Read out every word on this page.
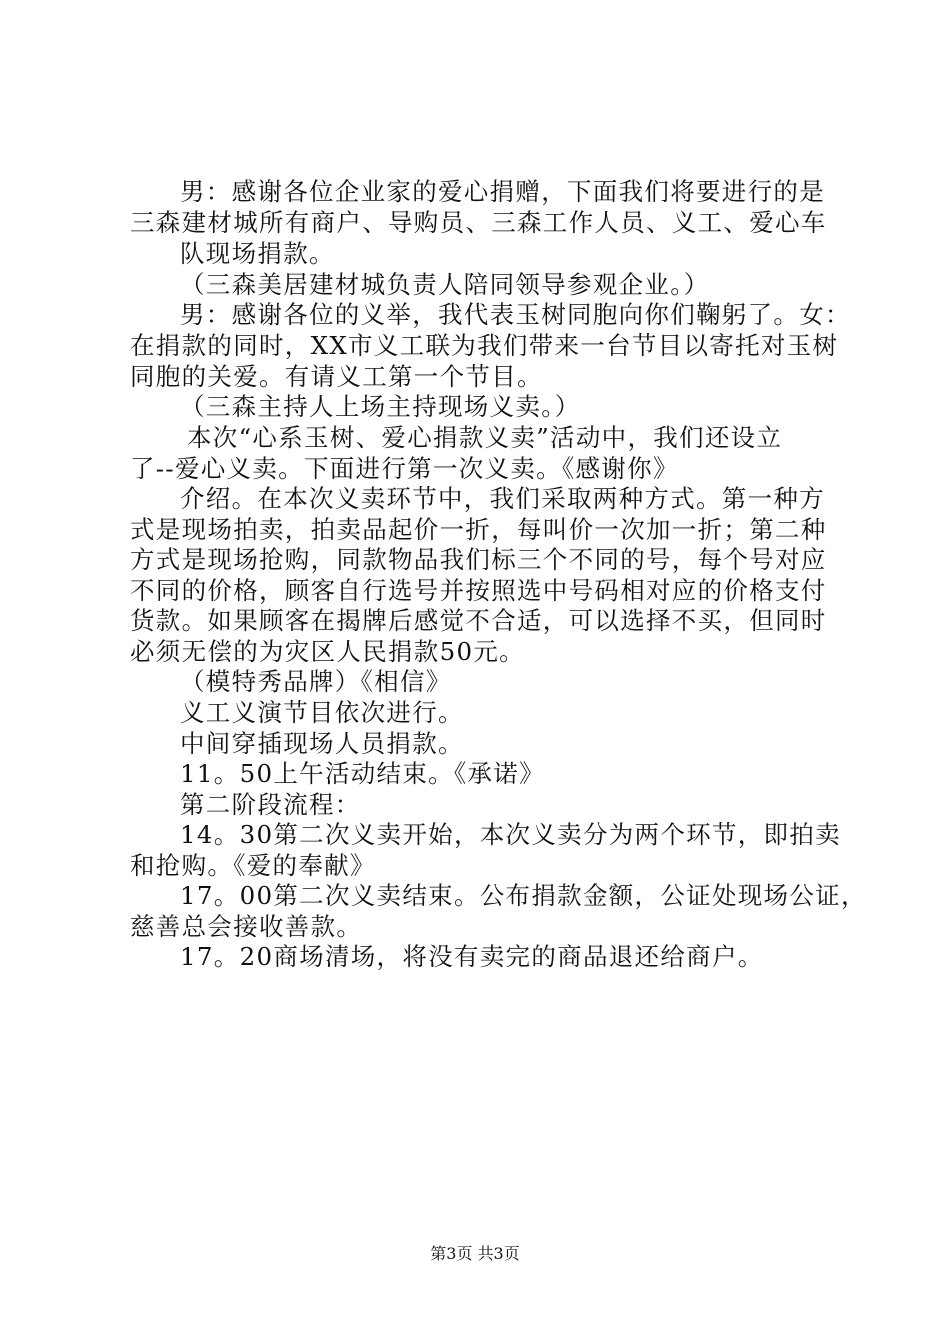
男：感谢各位企业家的爱心捐赠，下面我们将要进行的是

三森建材城所有商户、导购员、三森工作人员、义工、爱心车

队现场捐款。

（三森美居建材城负责人陪同领导参观企业。）

男：感谢各位的义举，我代表玉树同胞向你们鞠躬了。女：

在捐款的同时，XX市义工联为我们带来一台节目以寄托对玉树

同胞的关爱。有请义工第一个节目。

（三森主持人上场主持现场义卖。）

本次“心系玉树、爱心捐款义卖”活动中，我们还设立

了--爱心义卖。下面进行第一次义卖。《感谢你》

介绍。在本次义卖环节中，我们采取两种方式。第一种方

式是现场拍卖，拍卖品起价一折，每叫价一次加一折；第二种

方式是现场抢购，同款物品我们标三个不同的号，每个号对应

不同的价格，顾客自行选号并按照选中号码相对应的价格支付

货款。如果顾客在揭牌后感觉不合适，可以选择不买，但同时

必须无偿的为灾区人民捐款50元。

（模特秀品牌）《相信》

义工义演节目依次进行。

中间穿插现场人员捐款。

11。50上午活动结束。《承诺》

第二阶段流程：

14。30第二次义卖开始，本次义卖分为两个环节，即拍卖

和抢购。《爱的奉献》

17。00第二次义卖结束。公布捐款金额，公证处现场公证，

慈善总会接收善款。

17。20商场清场，将没有卖完的商品退还给商户。

第3页 共3页
